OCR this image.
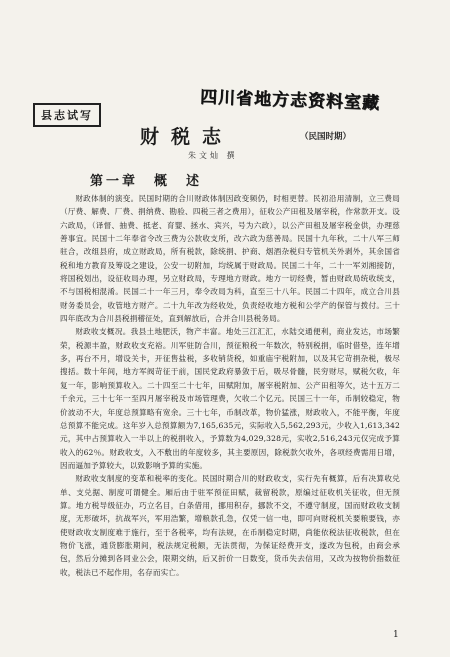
县志试写
四川省地方志资料室藏
财税志	（民国时期）
朱文灿 撰
第一章　概　述

财政体制的演变。民国时期的合川财政体制因政变频仍，时相更替。民初沿用清制，立三费局（厅费、解费、厂费、捐纳费、勘验、四税三者之费用），征收公产田租及屠宰税，作常款开支。设六政局，（译督、抽费、抵老、育婴、拯水、宾兴，号为六政），以公产田租及屠宰税金供，办理慈善事宜。民国十二年奉省令改三费为公款收支所，改六政为慈善局。民国十九年秋，二十八军三师驻合，改组县府，成立财政局，所有税款，除统捐、护商、烟酒杂税归专管机关外剥外，其余国省税和地方教育及筹设之建设，公安一切附加，均统属于财政局。民国二十年，二十一军刘湘接防，将国税划出，设征收局办理，另立财政局，专理地方财政。地方一切经费，暂由财政局统收统支，不与国税相混淆。民国二十一年三月，奉令改局为科，直至三十八年。民国二十四年，成立合川县财务委员会，收管地方财产。二十九年改为经收处，负责经收地方税和公学产的保管与拨付。三十四年底改为合川县税捐稽征处，直到解放后，合并合川县税务局。

财政收支概况。我县土地肥沃，物产丰富。地处三江汇汇，水陆交通便利，商业发达，市场繁荣，税源丰盈，财政收支充裕。川军驻防合川，预征粮税一年数次，特别税捐，临时借垫，连年增多，再台不月，增设关卡，开征售盐税，多收销货税，如重庙宇税附加，以及其它苛捐杂税，极尽搜括。数十年间，地方军阀苛征于前，国民党政府暴敛于后，吸尽骨髓，民穷财尽，赋税欠收，年复一年，影响预算收入。二十四至二十七年，田赋附加，屠宰税附加、公产田租等欠，达十五万二千余元，三十七年一至四月屠宰税及市场管理费，欠收二个亿元。民国三十一年，币制较稳定，物价波动不大，年度总预算略有宽余。三十七年，币制改革，物价猛涨，财政收入，不能平衡，年度总预算不能完成。这年岁入总预算额为7,165,635元，实际收入5,562,293元，少收入1,613,342元，其中占预算收入一半以上的税捐收入，予算数为4,029,328元，实收2,516,243元仅完成予算收入的62％。财政收支，入不敷出的年度较多，其主要原因，除税款欠收外，各项经费需用日增，因而逼加予算较大，以致影响予算的实施。

财政收支制度的变革和税率的变化。民国时期合川的财政收支，实行先有概算，后有决算收兑单、支兑据、制度可谓健全。厢后由于驻军预征田赋，裁留税款，原编过征收机关征收，但无预算。地方税导级征办，巧立名目，白条借用，挪用积存，挪款不交，不遵守制度，国而财政收支制度，无形破坏，抗战军兴，军用浩繁，增粮款孔急，仅凭一信一电，即可向财税机关要粮要钱，亦使财政收支制度难于施行，至于各税率，均有法规，在币制稳定时期，尚能依税法征收税款，但在物价飞涨，通货膨胀期间，税法规定税额，无法贯彻，为保证经费开支，遂改为包税，由商会承包，然后分摊到各同业公会，限期交纳，后又折价一日数变，货币失去信用，又改为按物价指数征收，税法已不起作用，名存而实亡。

1
